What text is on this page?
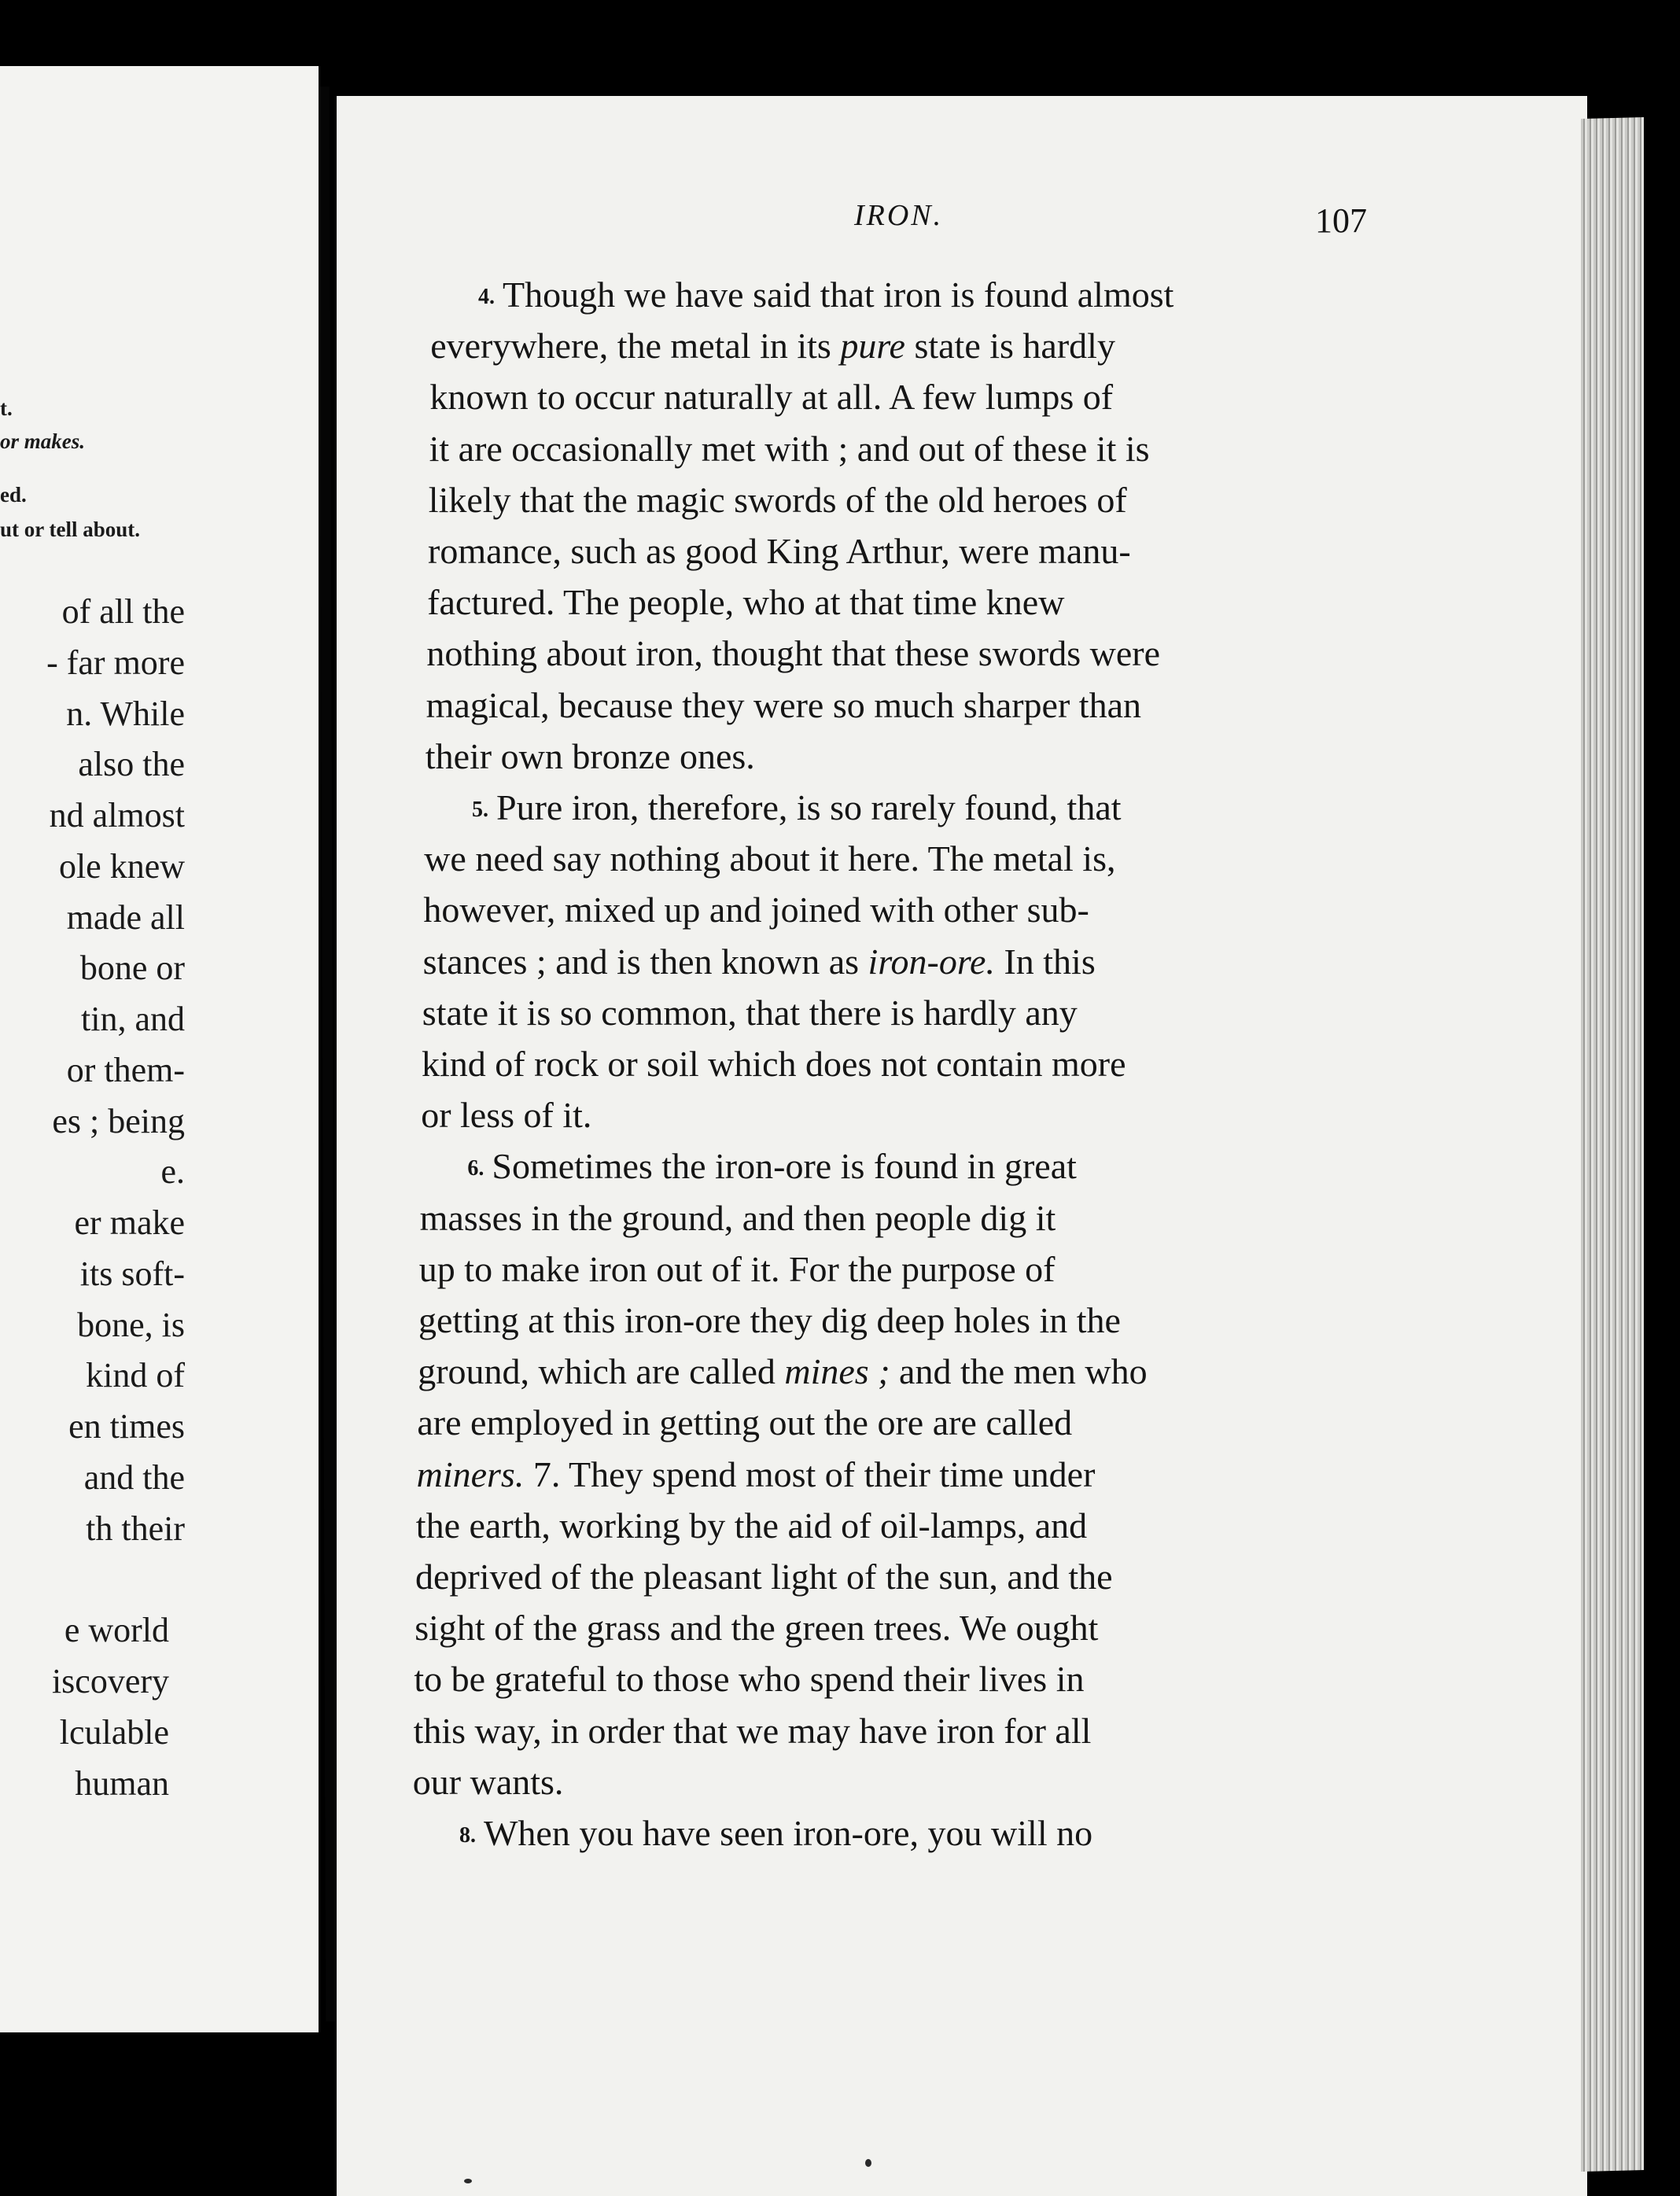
t.
or makes.
ed.
ut or tell about.
of all the
- far more
n. While
also the
nd almost
ole knew
made all
bone or
tin, and
or them-
es ; being
e.
er make
its soft-
bone, is
kind of
en times
and the
th their
e world
iscovery
lculable
human
IRON.	107
4. Though we have said that iron is found almost
everywhere, the metal in its pure state is hardly
known to occur naturally at all. A few lumps of
it are occasionally met with ; and out of these it is
likely that the magic swords of the old heroes of
romance, such as good King Arthur, were manu-
factured. The people, who at that time knew
nothing about iron, thought that these swords were
magical, because they were so much sharper than
their own bronze ones.
5. Pure iron, therefore, is so rarely found, that
we need say nothing about it here. The metal is,
however, mixed up and joined with other sub-
stances ; and is then known as iron-ore. In this
state it is so common, that there is hardly any
kind of rock or soil which does not contain more
or less of it.
6. Sometimes the iron-ore is found in great
masses in the ground, and then people dig it
up to make iron out of it. For the purpose of
getting at this iron-ore they dig deep holes in the
ground, which are called mines ; and the men who
are employed in getting out the ore are called
miners. 7. They spend most of their time under
the earth, working by the aid of oil-lamps, and
deprived of the pleasant light of the sun, and the
sight of the grass and the green trees. We ought
to be grateful to those who spend their lives in
this way, in order that we may have iron for all
our wants.
8. When you have seen iron-ore, you will no
